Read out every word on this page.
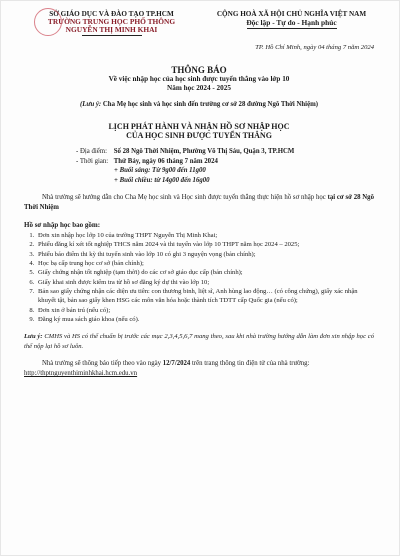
SỞ GIÁO DỤC VÀ ĐÀO TẠO TP.HCM
TRƯỜNG TRUNG HỌC PHỔ THÔNG
NGUYỄN THỊ MINH KHAI
CỘNG HOÀ XÃ HỘI CHỦ NGHĨA VIỆT NAM
Độc lập - Tự do - Hạnh phúc
TP. Hồ Chí Minh, ngày 04 tháng 7 năm 2024
THÔNG BÁO
Về việc nhập học của học sinh được tuyển thẳng vào lớp 10
Năm học 2024 - 2025
(Lưu ý: Cha Mẹ học sinh và học sinh đến trường cơ sở 28 đường Ngô Thời Nhiệm)
LỊCH PHÁT HÀNH VÀ NHẬN HỒ SƠ NHẬP HỌC
CỦA HỌC SINH ĐƯỢC TUYỂN THẲNG
- Địa điểm: Số 28 Ngô Thời Nhiệm, Phường Võ Thị Sáu, Quận 3, TP.HCM
- Thời gian: Thứ Bảy, ngày 06 tháng 7 năm 2024
+ Buổi sáng: Từ 9g00 đến 11g00
+ Buổi chiều: từ 14g00 đến 16g00

Nhà trường sẽ hướng dẫn cho Cha Mẹ học sinh và Học sinh được tuyển thẳng thực hiện hồ sơ nhập học tại cơ sở 28 Ngô Thời Nhiệm

Hồ sơ nhập học bao gồm:
1. Đơn xin nhập học lớp 10 của trường THPT Nguyễn Thị Minh Khai;
2. Phiếu đăng kí xét tốt nghiệp THCS năm 2024 và thi tuyển vào lớp 10 THPT năm học 2024 – 2025;
3. Phiếu báo điểm thi kỳ thi tuyển sinh vào lớp 10 có ghi 3 nguyện vọng (bản chính);
4. Học bạ cấp trung học cơ sở (bản chính);
5. Giấy chứng nhận tốt nghiệp (tạm thời) do các cơ sở giáo dục cấp (bản chính);
6. Giấy khai sinh được kiểm tra từ hồ sơ đăng ký dự thi vào lớp 10;
7. Bản sao giấy chứng nhận các diện ưu tiên: con thương binh, liệt sĩ, Anh hùng lao động… (có công chứng), giấy xác nhận khuyết tật, bản sao giấy khen HSG các môn văn hóa hoặc thành tích TDTT cấp Quốc gia (nếu có);
8. Đơn xin ở bán trú (nếu có);
9. Đăng ký mua sách giáo khoa (nếu có).
Lưu ý: CMHS và HS có thể chuẩn bị trước các mục 2,3,4,5,6,7 mang theo, sau khi nhà trường hướng dẫn làm đơn xin nhập học có thể nộp lại hồ sơ luôn.
Nhà trường sẽ thông báo tiếp theo vào ngày 12/7/2024 trên trang thông tin điện tử của nhà trường: http://thptnguyenthiminhkhai.hcm.edu.vn
